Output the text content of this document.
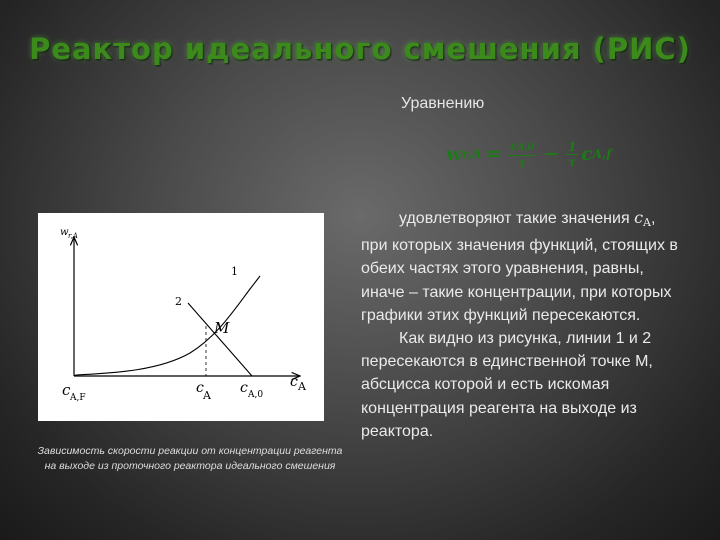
Реактор идеального смешения (РИС)
Уравнению
w $r,A = \frac{cA,0}{\tau} - \frac{1}{\tau}$ c A,f
w r,A
1
2
M
c A
c A,F
c A c A,0
Зависимость скорости реакции от концентрации реагента на выходе из проточного реактора идеального смешения

удовлетворяют такие значения cA, при которых значения функций, стоящих в обеих частях этого уравнения, равны, иначе – такие концентрации, при которых графики этих функций пересекаются.

Как видно из рисунка, линии 1 и 2 пересекаются в единственной точке M, абсцисса которой и есть искомая концентрация реагента на выходе из реактора.
